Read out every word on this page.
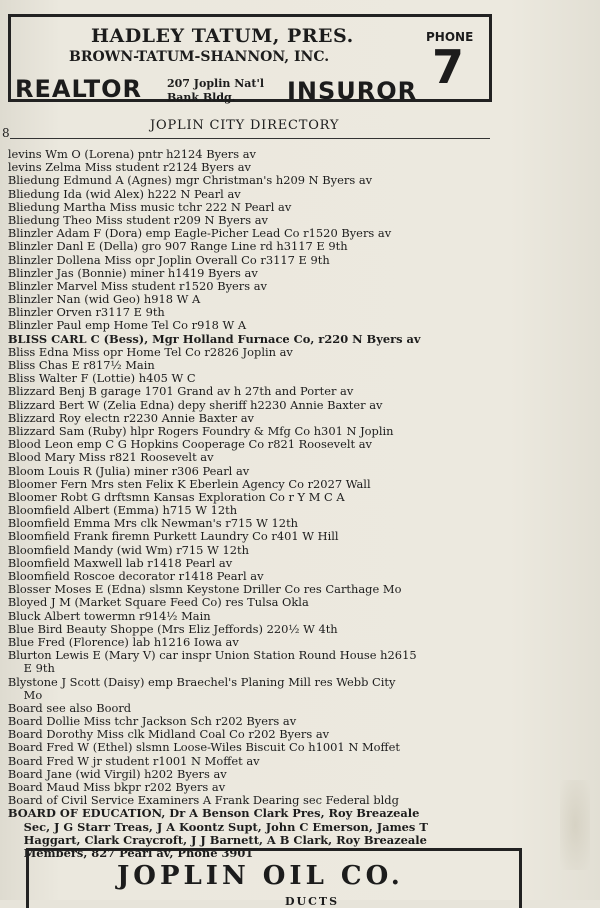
HADLEY TATUM, PRES.
BROWN-TATUM-SHANNON, INC.
REALTOR 207 Joplin Nat'l Bank Bldg.	INSUROR
PHONE
7
8	JOPLIN CITY DIRECTORY
levins Wm O (Lorena) pntr h2124 Byers av
levins Zelma Miss student r2124 Byers av
Bliedung Edmund A (Agnes) mgr Christman's h209 N Byers av
Bliedung Ida (wid Alex) h222 N Pearl av
Bliedung Martha Miss music tchr 222 N Pearl av
Bliedung Theo Miss student r209 N Byers av
Blinzler Adam F (Dora) emp Eagle-Picher Lead Co r1520 Byers av
Blinzler Danl E (Della) gro 907 Range Line rd h3117 E 9th
Blinzler Dollena Miss opr Joplin Overall Co r3117 E 9th
Blinzler Jas (Bonnie) miner h1419 Byers av
Blinzler Marvel Miss student r1520 Byers av
Blinzler Nan (wid Geo) h918 W A
Blinzler Orven r3117 E 9th
Blinzler Paul emp Home Tel Co r918 W A
BLISS CARL C (Bess), Mgr Holland Furnace Co, r220 N Byers av
Bliss Edna Miss opr Home Tel Co r2826 Joplin av
Bliss Chas E r817½ Main
Bliss Walter F (Lottie) h405 W C
Blizzard Benj B garage 1701 Grand av h 27th and Porter av
Blizzard Bert W (Zelia Edna) depy sheriff h2230 Annie Baxter av
Blizzard Roy electn r2230 Annie Baxter av
Blizzard Sam (Ruby) hlpr Rogers Foundry & Mfg Co h301 N Joplin
Blood Leon emp C G Hopkins Cooperage Co r821 Roosevelt av
Blood Mary Miss r821 Roosevelt av
Bloom Louis R (Julia) miner r306 Pearl av
Bloomer Fern Mrs sten Felix K Eberlein Agency Co r2027 Wall
Bloomer Robt G drftsmn Kansas Exploration Co r Y M C A
Bloomfield Albert (Emma) h715 W 12th
Bloomfield Emma Mrs clk Newman's r715 W 12th
Bloomfield Frank firemn Purkett Laundry Co r401 W Hill
Bloomfield Mandy (wid Wm) r715 W 12th
Bloomfield Maxwell lab r1418 Pearl av
Bloomfield Roscoe decorator r1418 Pearl av
Blosser Moses E (Edna) slsmn Keystone Driller Co res Carthage Mo
Bloyed J M (Market Square Feed Co) res Tulsa Okla
Bluck Albert towermn r914½ Main
Blue Bird Beauty Shoppe (Mrs Eliz Jeffords) 220½ W 4th
Blue Fred (Florence) lab h1216 Iowa av
Blurton Lewis E (Mary V) car inspr Union Station Round House h2615
E 9th
Blystone J Scott (Daisy) emp Braechel's Planing Mill res Webb City
Mo
Board see also Boord
Board Dollie Miss tchr Jackson Sch r202 Byers av
Board Dorothy Miss clk Midland Coal Co r202 Byers av
Board Fred W (Ethel) slsmn Loose-Wiles Biscuit Co h1001 N Moffet
Board Fred W jr student r1001 N Moffet av
Board Jane (wid Virgil) h202 Byers av
Board Maud Miss bkpr r202 Byers av
Board of Civil Service Examiners A Frank Dearing sec Federal bldg
BOARD OF EDUCATION, Dr A Benson Clark Pres, Roy Breazeale
Sec, J G Starr Treas, J A Koontz Supt, John C Emerson, James T
Haggart, Clark Craycroft, J J Barnett, A B Clark, Roy Breazeale
Members, 827 Pearl av, Phone 3901
JOPLIN OIL CO.
DUCTS
